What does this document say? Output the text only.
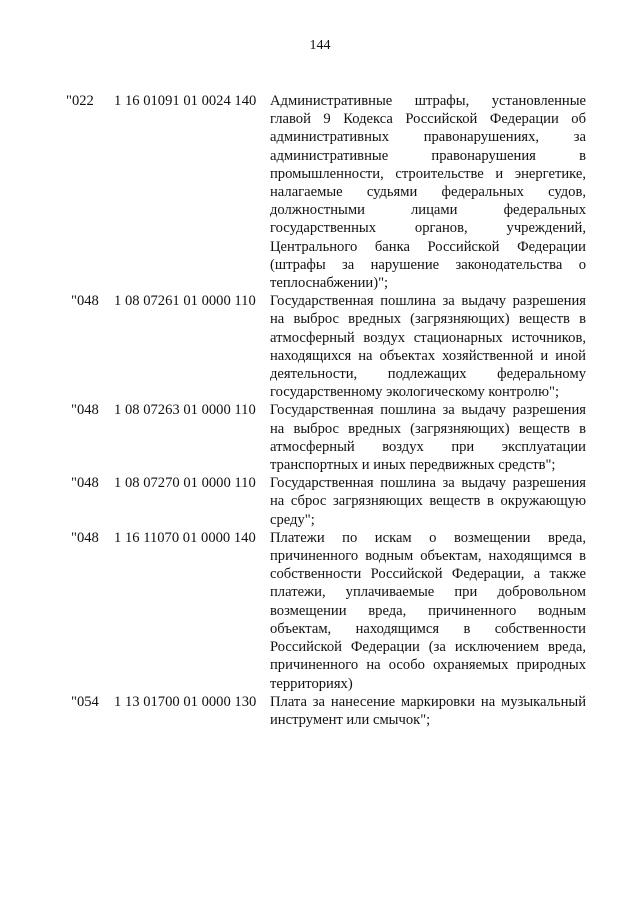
144
"022	1 16 01091 01 0024 140 Административные штрафы, установленные главой 9 Кодекса Российской Федерации об административных правонарушениях, за административные правонарушения в промышленности, строительстве и энергетике, налагаемые судьями федеральных судов, должностными лицами федеральных государственных органов, учреждений, Центрального банка Российской Федерации (штрафы за нарушение законодательства о теплоснабжении)";
"048	1 08 07261 01 0000 110 Государственная пошлина за выдачу разрешения на выброс вредных (загрязняющих) веществ в атмосферный воздух стационарных источников, находящихся на объектах хозяйственной и иной деятельности, подлежащих федеральному государственному экологическому контролю";
"048	1 08 07263 01 0000 110 Государственная пошлина за выдачу разрешения на выброс вредных (загрязняющих) веществ в атмосферный воздух при эксплуатации транспортных и иных передвижных средств";
"048	1 08 07270 01 0000 110 Государственная пошлина за выдачу разрешения на сброс загрязняющих веществ в окружающую среду";
"048	1 16 11070 01 0000 140 Платежи по искам о возмещении вреда, причиненного водным объектам, находящимся в собственности Российской Федерации, а также платежи, уплачиваемые при добровольном возмещении вреда, причиненного водным объектам, находящимся в собственности Российской Федерации (за исключением вреда, причиненного на особо охраняемых природных территориях)
"054	1 13 01700 01 0000 130 Плата за нанесение маркировки на музыкальный инструмент или смычок";
